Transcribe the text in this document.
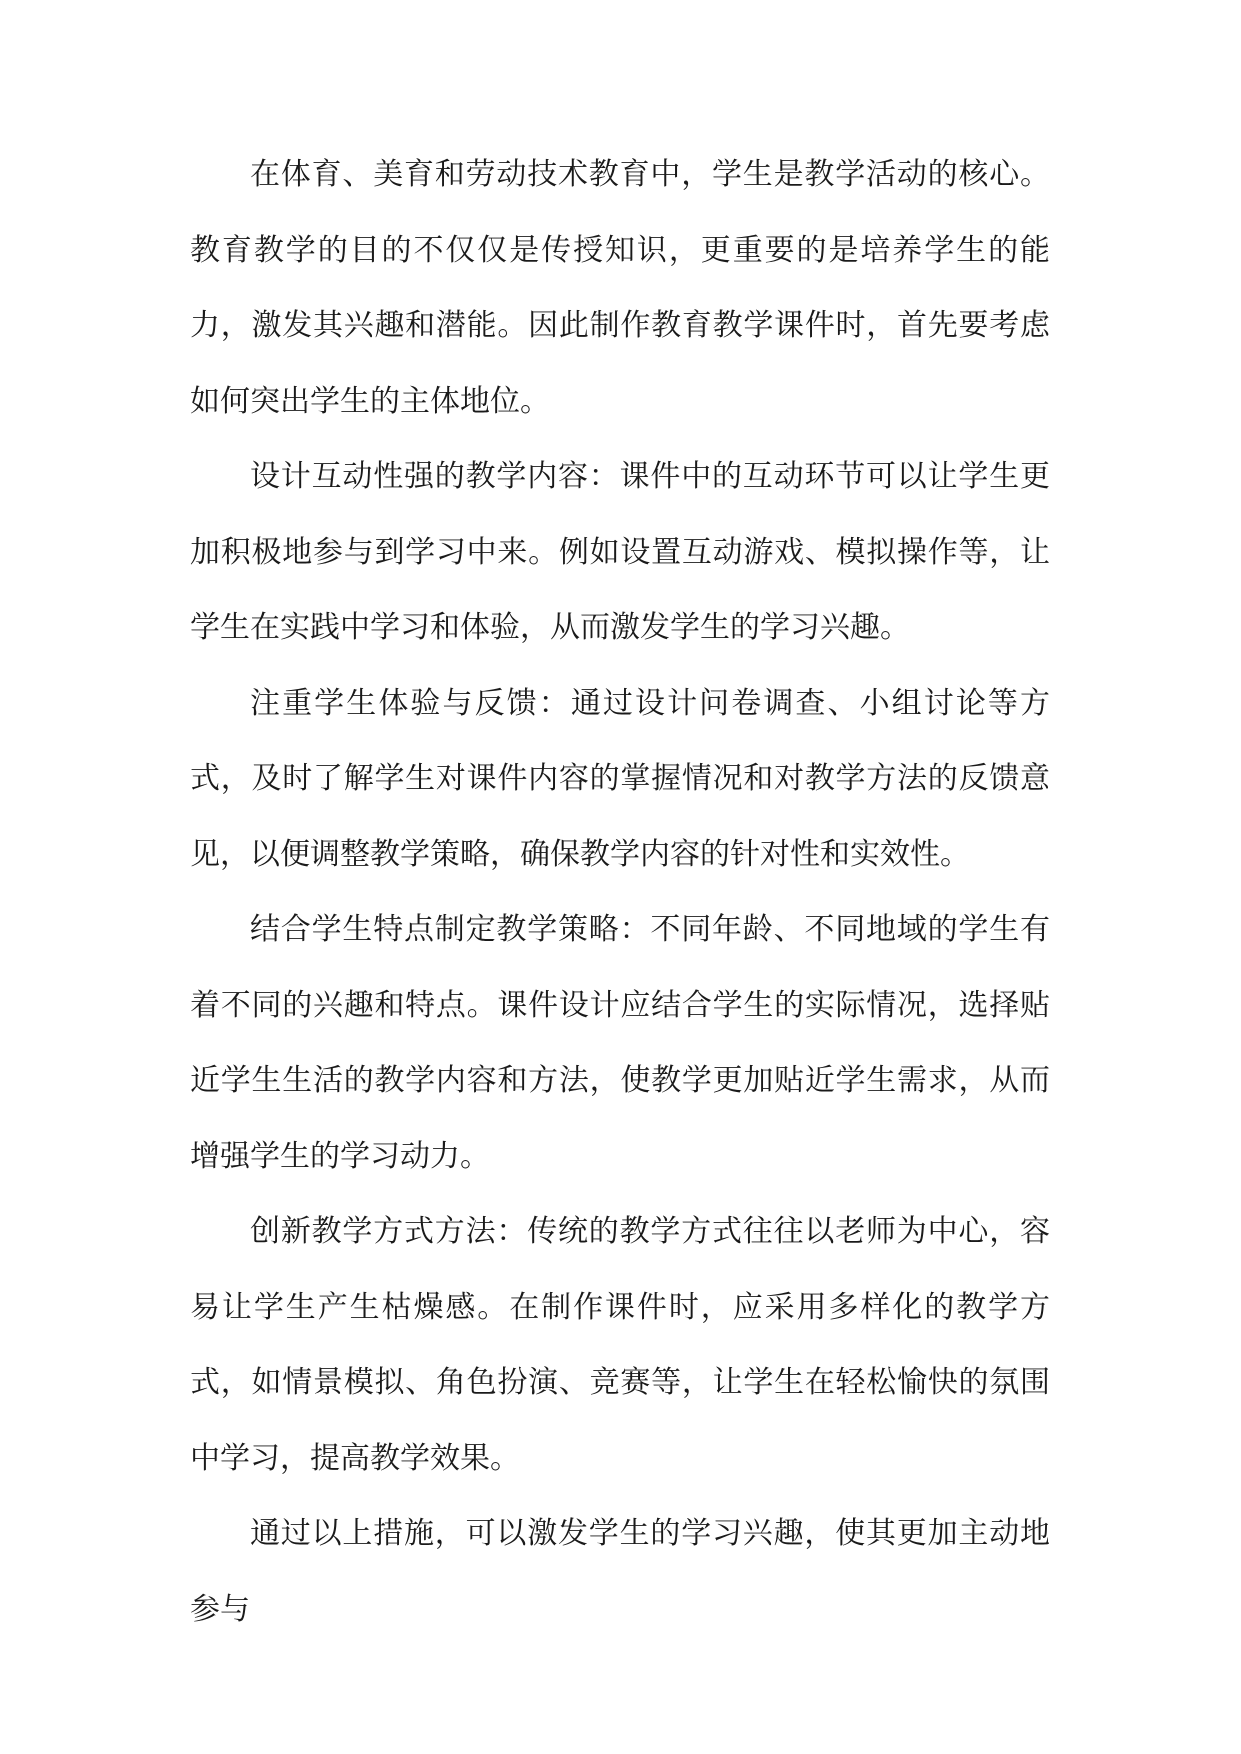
在体育、美育和劳动技术教育中，学生是教学活动的核心。教育教学的目的不仅仅是传授知识，更重要的是培养学生的能力，激发其兴趣和潜能。因此制作教育教学课件时，首先要考虑如何突出学生的主体地位。

设计互动性强的教学内容：课件中的互动环节可以让学生更加积极地参与到学习中来。例如设置互动游戏、模拟操作等，让学生在实践中学习和体验，从而激发学生的学习兴趣。

注重学生体验与反馈：通过设计问卷调查、小组讨论等方式，及时了解学生对课件内容的掌握情况和对教学方法的反馈意见，以便调整教学策略，确保教学内容的针对性和实效性。

结合学生特点制定教学策略：不同年龄、不同地域的学生有着不同的兴趣和特点。课件设计应结合学生的实际情况，选择贴近学生生活的教学内容和方法，使教学更加贴近学生需求，从而增强学生的学习动力。

创新教学方式方法：传统的教学方式往往以老师为中心，容易让学生产生枯燥感。在制作课件时，应采用多样化的教学方式，如情景模拟、角色扮演、竞赛等，让学生在轻松愉快的氛围中学习，提高教学效果。

通过以上措施，可以激发学生的学习兴趣，使其更加主动地参与
